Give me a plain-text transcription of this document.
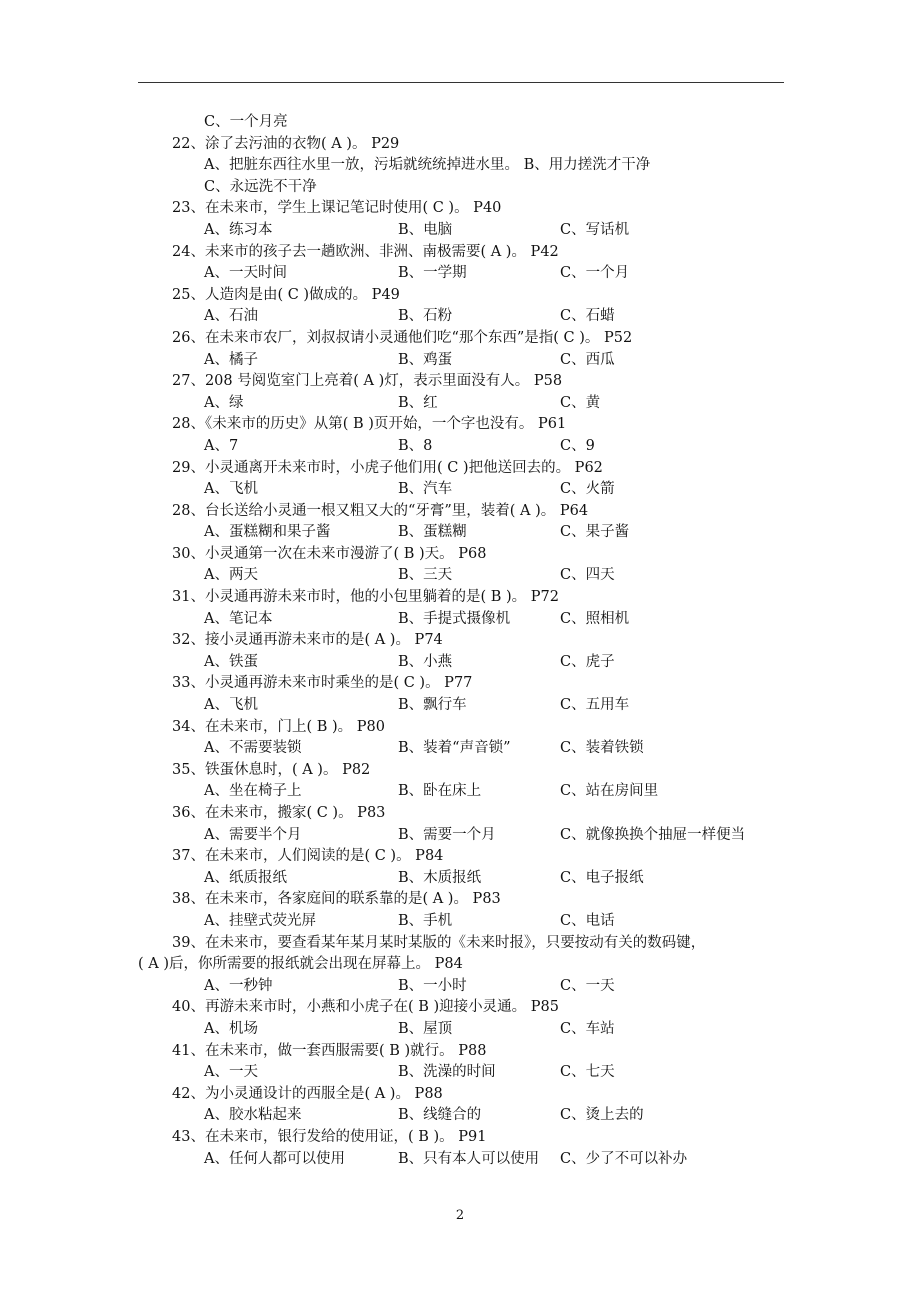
C、一个月亮
22、涂了去污油的衣物( A )。 P29
A、把脏东西往水里一放，污垢就统统掉进水里。 B、用力搓洗才干净
C、永远洗不干净
23、在未来市，学生上课记笔记时使用( C )。 P40
A、练习本	B、电脑	C、写话机
24、未来市的孩子去一趟欧洲、非洲、南极需要( A )。 P42
A、一天时间	B、一学期	C、一个月
25、人造肉是由( C )做成的。 P49
A、石油	B、石粉	C、石蜡
26、在未来市农厂，刘叔叔请小灵通他们吃“那个东西”是指( C )。 P52
A、橘子	B、鸡蛋	C、西瓜
27、208 号阅览室门上亮着( A )灯，表示里面没有人。 P58
A、绿	B、红	C、黄
28、《未来市的历史》从第( B )页开始，一个字也没有。 P61
A、7	B、8	C、9
29、小灵通离开未来市时，小虎子他们用( C )把他送回去的。 P62
A、飞机	B、汽车	C、火箭
28、台长送给小灵通一根又粗又大的“牙膏”里，装着( A )。 P64
A、蛋糕糊和果子酱	B、蛋糕糊	C、果子酱
30、小灵通第一次在未来市漫游了( B )天。 P68
A、两天	B、三天	C、四天
31、小灵通再游未来市时，他的小包里躺着的是( B )。 P72
A、笔记本	B、手提式摄像机	C、照相机
32、接小灵通再游未来市的是( A )。 P74
A、铁蛋	B、小燕	C、虎子
33、小灵通再游未来市时乘坐的是( C )。 P77
A、飞机	B、飘行车	C、五用车
34、在未来市，门上( B )。 P80
A、不需要装锁	B、装着“声音锁”	C、装着铁锁
35、铁蛋休息时，( A )。 P82
A、坐在椅子上	B、卧在床上	C、站在房间里
36、在未来市，搬家( C )。 P83
A、需要半个月	B、需要一个月	C、就像换换个抽屉一样便当
37、在未来市，人们阅读的是( C )。 P84
A、纸质报纸	B、木质报纸	C、电子报纸
38、在未来市，各家庭间的联系靠的是( A )。 P83
A、挂壁式荧光屏	B、手机	C、电话
39、在未来市，要查看某年某月某时某版的《未来时报》，只要按动有关的数码键，
( A )后，你所需要的报纸就会出现在屏幕上。 P84
A、一秒钟	B、一小时	C、一天
40、再游未来市时，小燕和小虎子在( B )迎接小灵通。 P85
A、机场	B、屋顶	C、车站
41、在未来市，做一套西服需要( B )就行。 P88
A、一天	B、洗澡的时间	C、七天
42、为小灵通设计的西服全是( A )。 P88
A、胶水粘起来	B、线缝合的	C、烫上去的
43、在未来市，银行发给的使用证，( B )。 P91
A、任何人都可以使用	B、只有本人可以使用	C、少了不可以补办
2
